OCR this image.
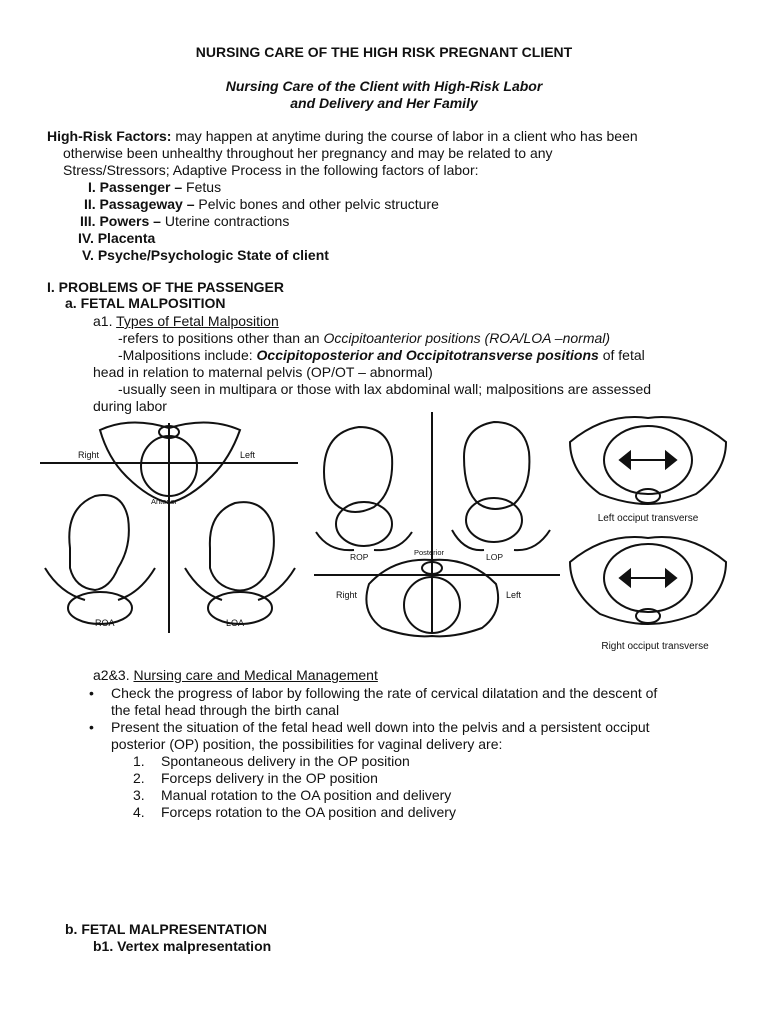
NURSING CARE OF THE HIGH RISK PREGNANT CLIENT
Nursing Care of the Client with High-Risk Labor
and Delivery and Her Family
High-Risk Factors: may happen at anytime during the course of labor in a client who has been
otherwise been unhealthy throughout her pregnancy and may be related to any
Stress/Stressors; Adaptive Process in the following factors of labor:
I. Passenger – Fetus
II. Passageway – Pelvic bones and other pelvic structure
III. Powers – Uterine contractions
IV. Placenta
V. Psyche/Psychologic State of client
I. PROBLEMS OF THE PASSENGER
a. FETAL MALPOSITION
a1. Types of Fetal Malposition
-refers to positions other than an Occipitoanterior positions (ROA/LOA –normal)
-Malpositions include: Occipitoposterior and Occipitotransverse positions of fetal
head in relation to maternal pelvis (OP/OT – abnormal)
-usually seen in multipara or those with lax abdominal wall; malpositions are assessed
during labor
Right	Left
Anterior
ROA	LOA
ROP	LOP
Posterior
Right	Left
Left occiput transverse
Right occiput transverse
a2&3. Nursing care and Medical Management
• Check the progress of labor by following the rate of cervical dilatation and the descent of
the fetal head through the birth canal
• Present the situation of the fetal head well down into the pelvis and a persistent occiput
posterior (OP) position, the possibilities for vaginal delivery are:
1. Spontaneous delivery in the OP position
2. Forceps delivery in the OP position
3. Manual rotation to the OA position and delivery
4. Forceps rotation to the OA position and delivery
b. FETAL MALPRESENTATION
b1. Vertex malpresentation
